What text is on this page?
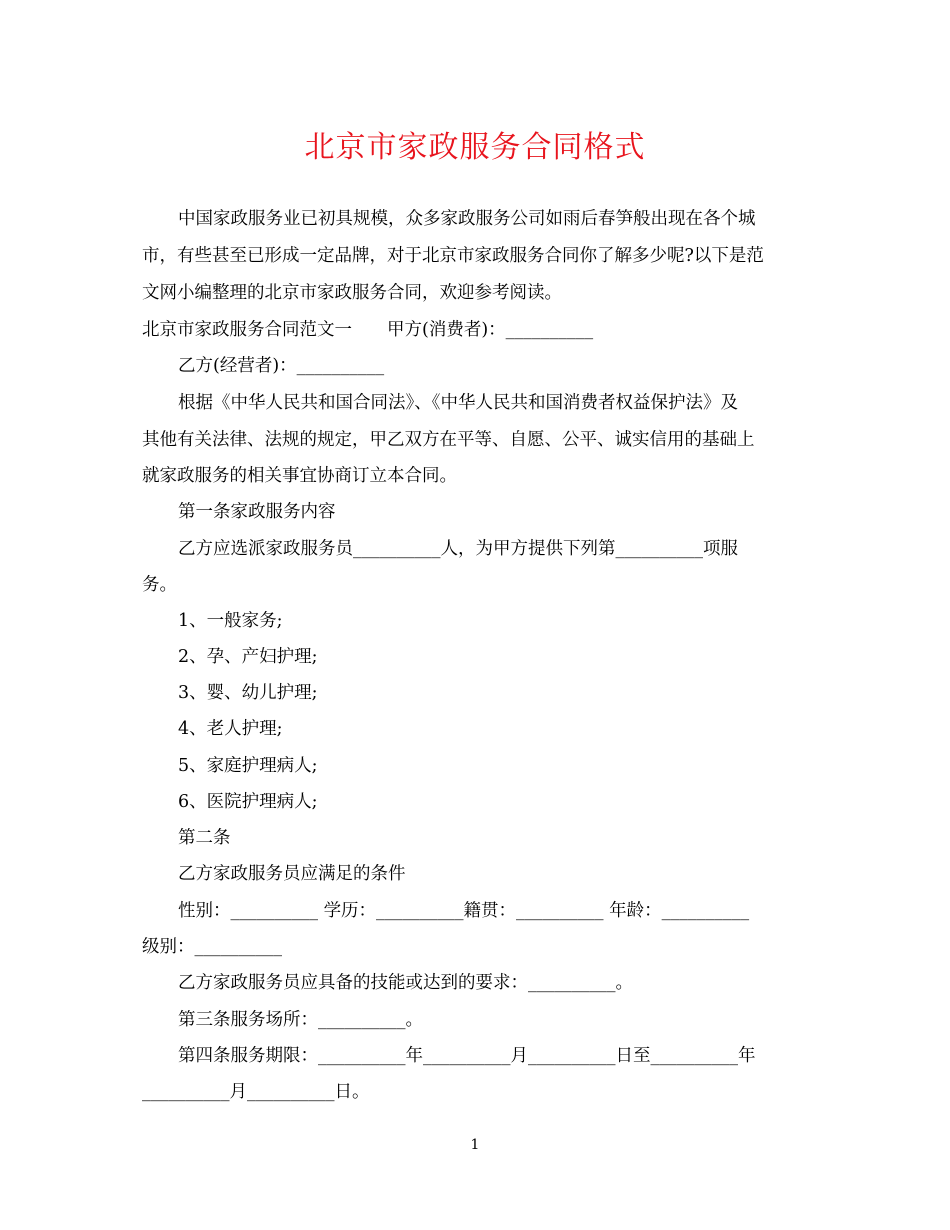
北京市家政服务合同格式
中国家政服务业已初具规模，众多家政服务公司如雨后春笋般出现在各个城
市，有些甚至已形成一定品牌，对于北京市家政服务合同你了解多少呢?以下是范
文网小编整理的北京市家政服务合同，欢迎参考阅读。
北京市家政服务合同范文一　　甲方(消费者)：__________
乙方(经营者)：__________
根据《中华人民共和国合同法》、《中华人民共和国消费者权益保护法》及
其他有关法律、法规的规定，甲乙双方在平等、自愿、公平、诚实信用的基础上
就家政服务的相关事宜协商订立本合同。
第一条家政服务内容
乙方应选派家政服务员__________人，为甲方提供下列第__________项服
务。
1、一般家务;
2、孕、产妇护理;
3、婴、幼儿护理;
4、老人护理;
5、家庭护理病人;
6、医院护理病人;
第二条
乙方家政服务员应满足的条件
性别：__________ 学历：__________籍贯：__________ 年龄：__________
级别：__________
乙方家政服务员应具备的技能或达到的要求：__________。
第三条服务场所：__________。
第四条服务期限：__________年__________月__________日至__________年
__________月__________日。
1
